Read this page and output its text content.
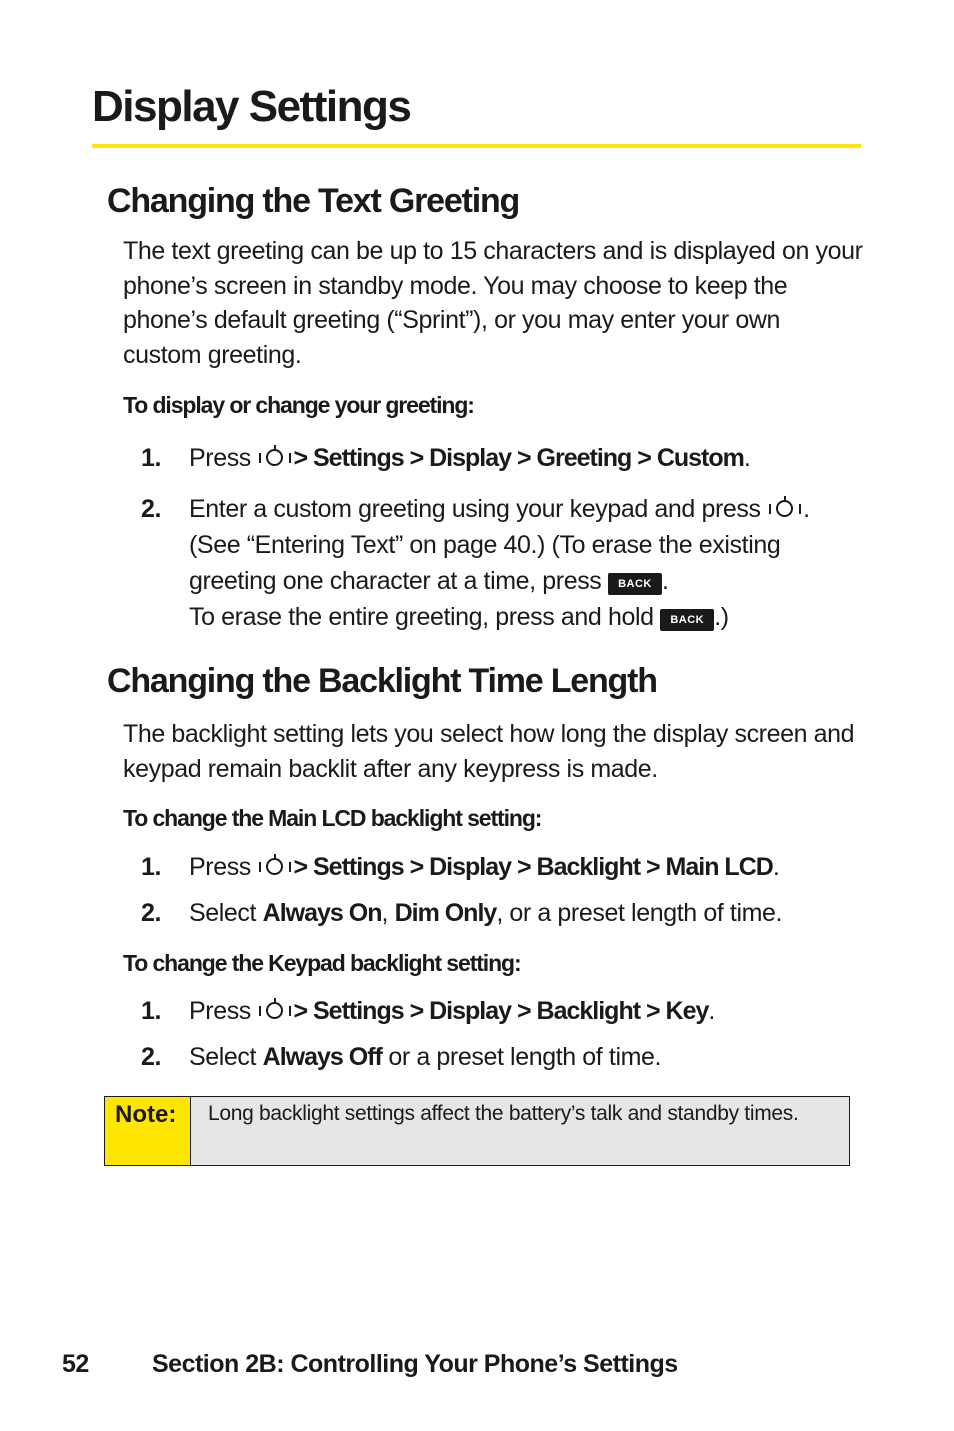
Display Settings
Changing the Text Greeting

The text greeting can be up to 15 characters and is displayed on your phone’s screen in standby mode. You may choose to keep the phone’s default greeting (“Sprint”), or you may enter your own custom greeting.

To display or change your greeting:

1. Press > Settings > Display > Greeting > Custom.
2. Enter a custom greeting using your keypad and press .
(See “Entering Text” on page 40.) (To erase the existing
greeting one character at a time, press BACK .
To erase the entire greeting, press and hold BACK .)
Changing the Backlight Time Length

The backlight setting lets you select how long the display screen and keypad remain backlit after any keypress is made.

To change the Main LCD backlight setting:

1. Press > Settings > Display > Backlight > Main LCD.
2. Select Always On, Dim Only, or a preset length of time.

To change the Keypad backlight setting:

1. Press > Settings > Display > Backlight > Key.
2. Select Always Off or a preset length of time.
Note:	Long backlight settings affect the battery’s talk and standby times.
52	Section 2B: Controlling Your Phone’s Settings
